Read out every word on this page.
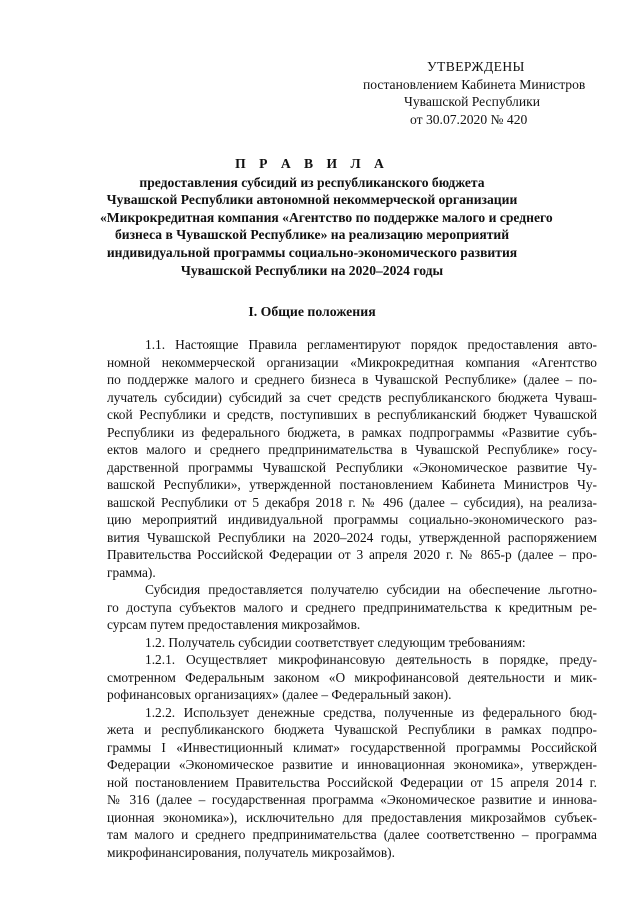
УТВЕРЖДЕНЫ
постановлением Кабинета Министров
Чувашской Республики
от 30.07.2020 № 420
П Р А В И Л А
предоставления субсидий из республиканского бюджета
Чувашской Республики автономной некоммерческой организации
«Микрокредитная компания «Агентство по поддержке малого и среднего
бизнеса в Чувашской Республике» на реализацию мероприятий
индивидуальной программы социально-экономического развития
Чувашской Республики на 2020–2024 годы
I. Общие положения
1.1. Настоящие Правила регламентируют порядок предоставления авто-
номной некоммерческой организации «Микрокредитная компания «Агентство
по поддержке малого и среднего бизнеса в Чувашской Республике» (далее – по-
лучатель субсидии) субсидий за счет средств республиканского бюджета Чуваш-
ской Республики и средств, поступивших в республиканский бюджет Чувашской
Республики из федерального бюджета, в рамках подпрограммы «Развитие субъ-
ектов малого и среднего предпринимательства в Чувашской Республике» госу-
дарственной программы Чувашской Республики «Экономическое развитие Чу-
вашской Республики», утвержденной постановлением Кабинета Министров Чу-
вашской Республики от 5 декабря 2018 г. № 496 (далее – субсидия), на реализа-
цию мероприятий индивидуальной программы социально-экономического раз-
вития Чувашской Республики на 2020–2024 годы, утвержденной распоряжением
Правительства Российской Федерации от 3 апреля 2020 г. № 865-р (далее – про-
грамма).
Субсидия предоставляется получателю субсидии на обеспечение льготно-
го доступа субъектов малого и среднего предпринимательства к кредитным ре-
сурсам путем предоставления микрозаймов.
1.2. Получатель субсидии соответствует следующим требованиям:
1.2.1. Осуществляет микрофинансовую деятельность в порядке, преду-
смотренном Федеральным законом «О микрофинансовой деятельности и мик-
рофинансовых организациях» (далее – Федеральный закон).
1.2.2. Использует денежные средства, полученные из федерального бюд-
жета и республиканского бюджета Чувашской Республики в рамках подпро-
граммы I «Инвестиционный климат» государственной программы Российской
Федерации «Экономическое развитие и инновационная экономика», утвержден-
ной постановлением Правительства Российской Федерации от 15 апреля 2014 г.
№ 316 (далее – государственная программа «Экономическое развитие и иннова-
ционная экономика»), исключительно для предоставления микрозаймов субъек-
там малого и среднего предпринимательства (далее соответственно – программа
микрофинансирования, получатель микрозаймов).
